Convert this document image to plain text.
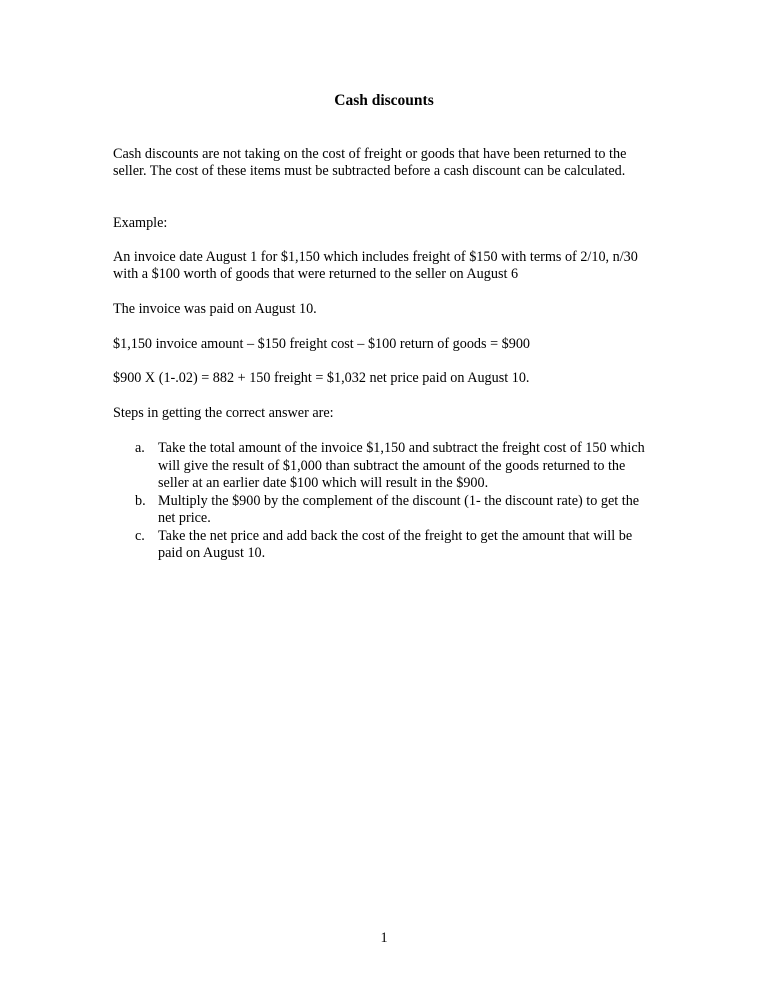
Cash discounts

Cash discounts are not taking on the cost of freight or goods that have been returned to the seller. The cost of these items must be subtracted before a cash discount can be calculated.

Example:

An invoice date August 1 for $1,150 which includes freight of $150 with terms of 2/10, n/30 with a $100 worth of goods that were returned to the seller on August 6

The invoice was paid on August 10.

$1,150 invoice amount – $150 freight cost – $100 return of goods = $900

$900 X (1-.02) = 882 + 150 freight = $1,032 net price paid on August 10.

Steps in getting the correct answer are:

a. Take the total amount of the invoice $1,150 and subtract the freight cost of 150 which will give the result of $1,000 than subtract the amount of the goods returned to the seller at an earlier date $100 which will result in the $900.
b. Multiply the $900 by the complement of the discount (1- the discount rate) to get the net price.
c. Take the net price and add back the cost of the freight to get the amount that will be paid on August 10.
1
